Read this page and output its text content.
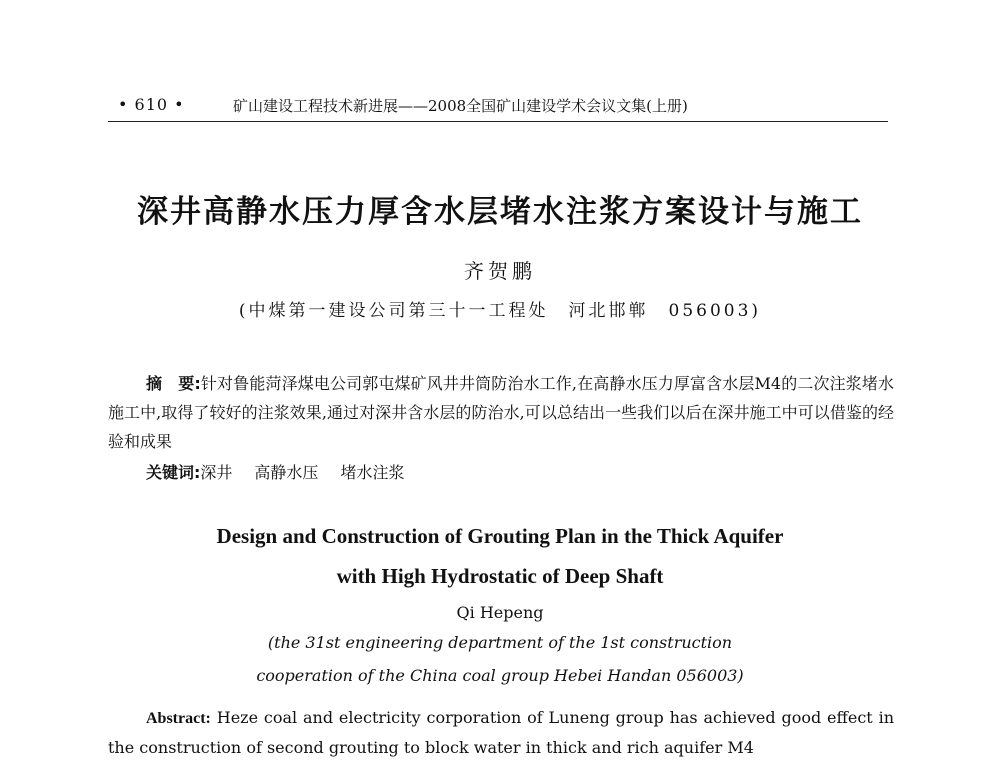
• 610 •	矿山建设工程技术新进展——2008全国矿山建设学术会议文集(上册)
深井高静水压力厚含水层堵水注浆方案设计与施工
齐贺鹏
(中煤第一建设公司第三十一工程处　河北邯郸　056003)

摘　要:针对鲁能菏泽煤电公司郭屯煤矿风井井筒防治水工作,在高静水压力厚富含水层M4的二次注浆堵水施工中,取得了较好的注浆效果,通过对深井含水层的防治水,可以总结出一些我们以后在深井施工中可以借鉴的经验和成果

关键词:深井 高静水压 堵水注浆
Design and Construction of Grouting Plan in the Thick Aquifer
with High Hydrostatic of Deep Shaft
Qi Hepeng
(the 31st engineering department of the 1st construction
cooperation of the China coal group Hebei Handan 056003)

Abstract: Heze coal and electricity corporation of Luneng group has achieved good effect in the construction of second grouting to block water in thick and rich aquifer M4
